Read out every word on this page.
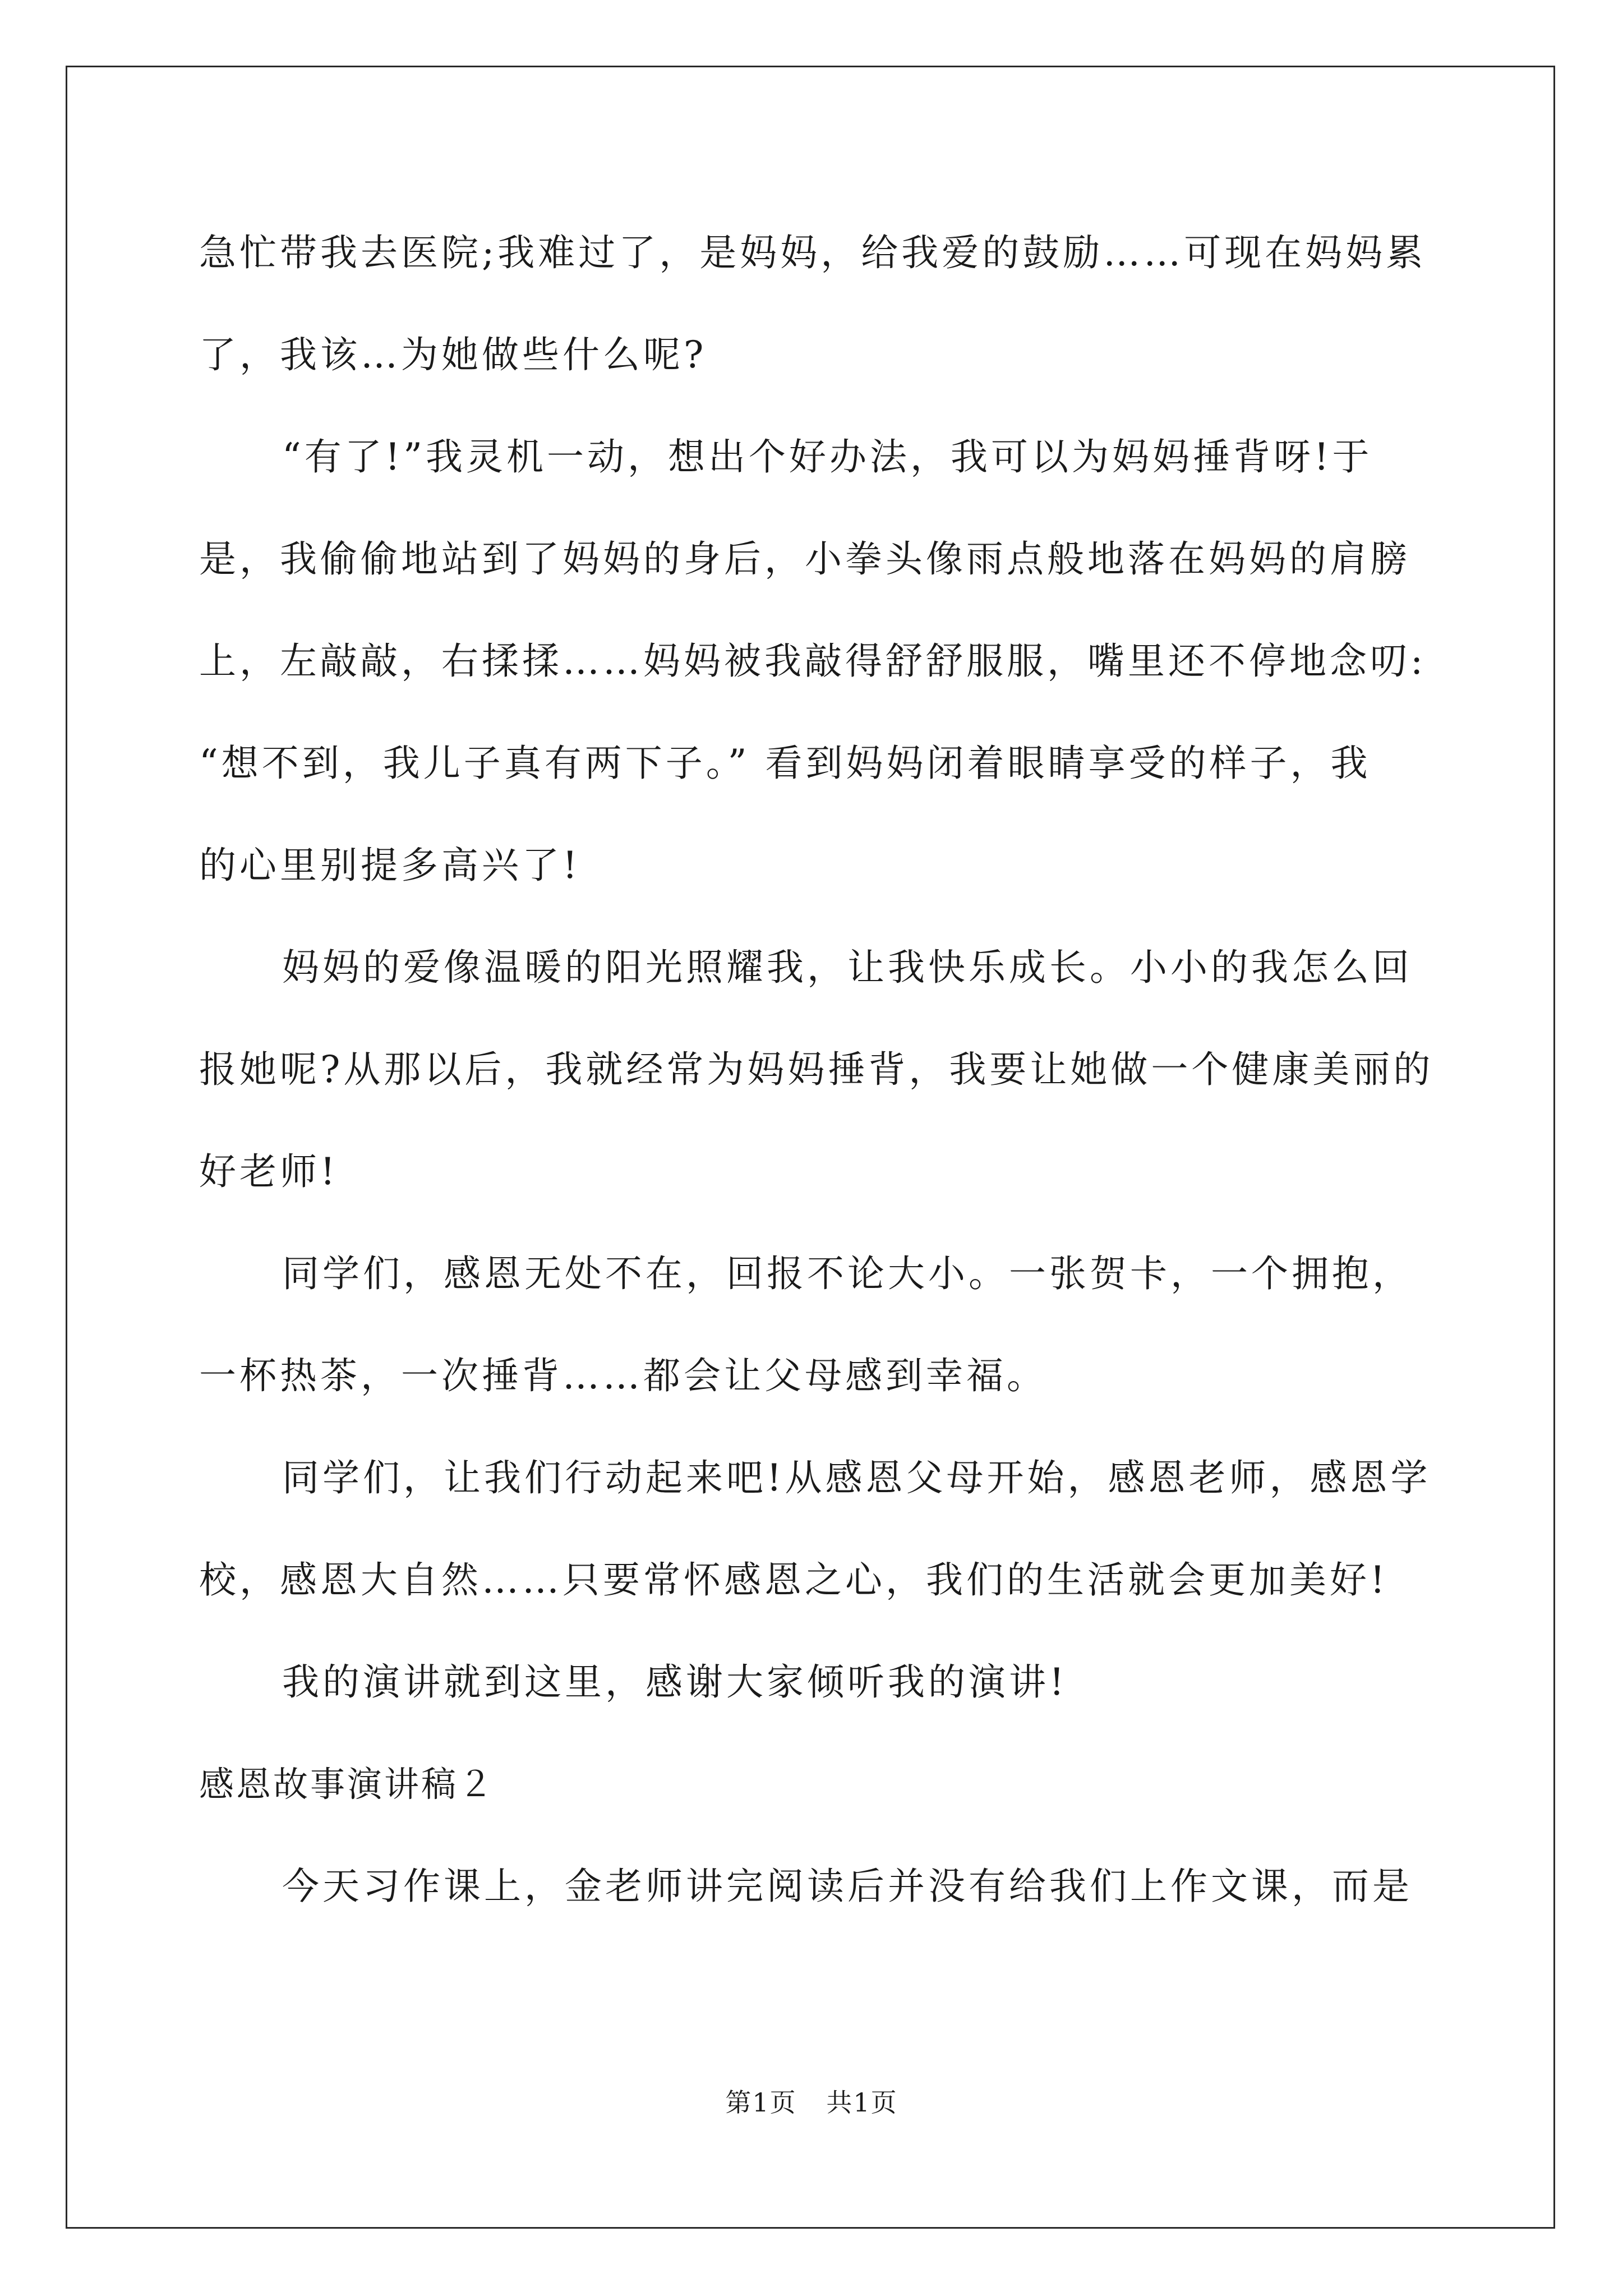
急忙带我去医院;我难过了，是妈妈，给我爱的鼓励……可现在妈妈累

了，我该…为她做些什么呢?

“有了!”我灵机一动，想出个好办法，我可以为妈妈捶背呀!于

是，我偷偷地站到了妈妈的身后，小拳头像雨点般地落在妈妈的肩膀

上，左敲敲，右揉揉……妈妈被我敲得舒舒服服，嘴里还不停地念叨:

“想不到，我儿子真有两下子。” 看到妈妈闭着眼睛享受的样子，我

的心里别提多高兴了!

妈妈的爱像温暖的阳光照耀我，让我快乐成长。小小的我怎么回

报她呢?从那以后，我就经常为妈妈捶背，我要让她做一个健康美丽的

好老师!

同学们，感恩无处不在，回报不论大小。一张贺卡，一个拥抱，

一杯热茶，一次捶背……都会让父母感到幸福。

同学们，让我们行动起来吧!从感恩父母开始，感恩老师，感恩学

校，感恩大自然……只要常怀感恩之心，我们的生活就会更加美好!

我的演讲就到这里，感谢大家倾听我的演讲!

感恩故事演讲稿２

今天习作课上，金老师讲完阅读后并没有给我们上作文课，而是

第1页 共1页
